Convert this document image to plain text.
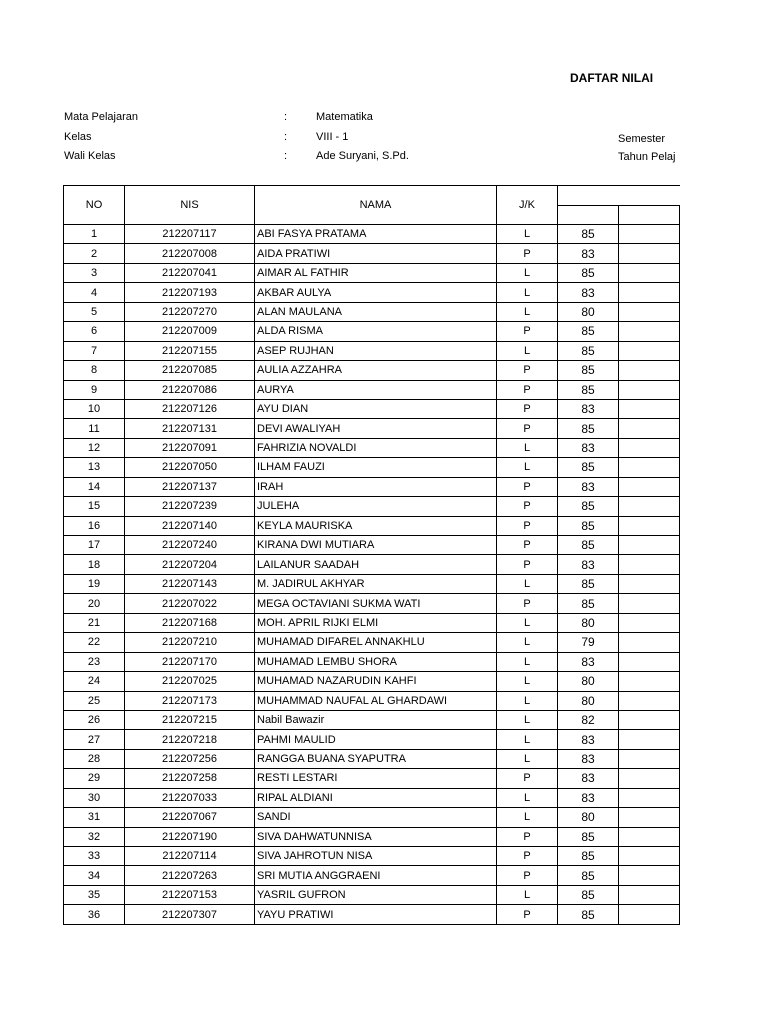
DAFTAR NILAI
Mata Pelajaran	:	Matematika
Kelas	:	VIII - 1
Wali Kelas	:	Ade Suryani, S.Pd.
Semester
Tahun Pelaj
NO	NIS	NAMA	J/K		

1	212207117	ABI FASYA PRATAMA	L	85	
2	212207008	AIDA PRATIWI	P	83	
3	212207041	AIMAR AL FATHIR	L	85	
4	212207193	AKBAR AULYA	L	83	
5	212207270	ALAN MAULANA	L	80	
6	212207009	ALDA RISMA	P	85	
7	212207155	ASEP RUJHAN	L	85	
8	212207085	AULIA AZZAHRA	P	85	
9	212207086	AURYA	P	85	
10	212207126	AYU DIAN	P	83	
11	212207131	DEVI AWALIYAH	P	85	
12	212207091	FAHRIZIA NOVALDI	L	83	
13	212207050	ILHAM FAUZI	L	85	
14	212207137	IRAH	P	83	
15	212207239	JULEHA	P	85	
16	212207140	KEYLA MAURISKA	P	85	
17	212207240	KIRANA DWI MUTIARA	P	85	
18	212207204	LAILANUR SAADAH	P	83	
19	212207143	M. JADIRUL AKHYAR	L	85	
20	212207022	MEGA OCTAVIANI SUKMA WATI	P	85	
21	212207168	MOH. APRIL RIJKI ELMI	L	80	
22	212207210	MUHAMAD DIFAREL ANNAKHLU	L	79	
23	212207170	MUHAMAD LEMBU SHORA	L	83	
24	212207025	MUHAMAD NAZARUDIN KAHFI	L	80	
25	212207173	MUHAMMAD NAUFAL AL GHARDAWI	L	80	
26	212207215	Nabil Bawazir	L	82	
27	212207218	PAHMI MAULID	L	83	
28	212207256	RANGGA BUANA SYAPUTRA	L	83	
29	212207258	RESTI LESTARI	P	83	
30	212207033	RIPAL ALDIANI	L	83	
31	212207067	SANDI	L	80	
32	212207190	SIVA DAHWATUNNISA	P	85	
33	212207114	SIVA JAHROTUN NISA	P	85	
34	212207263	SRI MUTIA ANGGRAENI	P	85	
35	212207153	YASRIL GUFRON	L	85	
36	212207307	YAYU PRATIWI	P	85	
